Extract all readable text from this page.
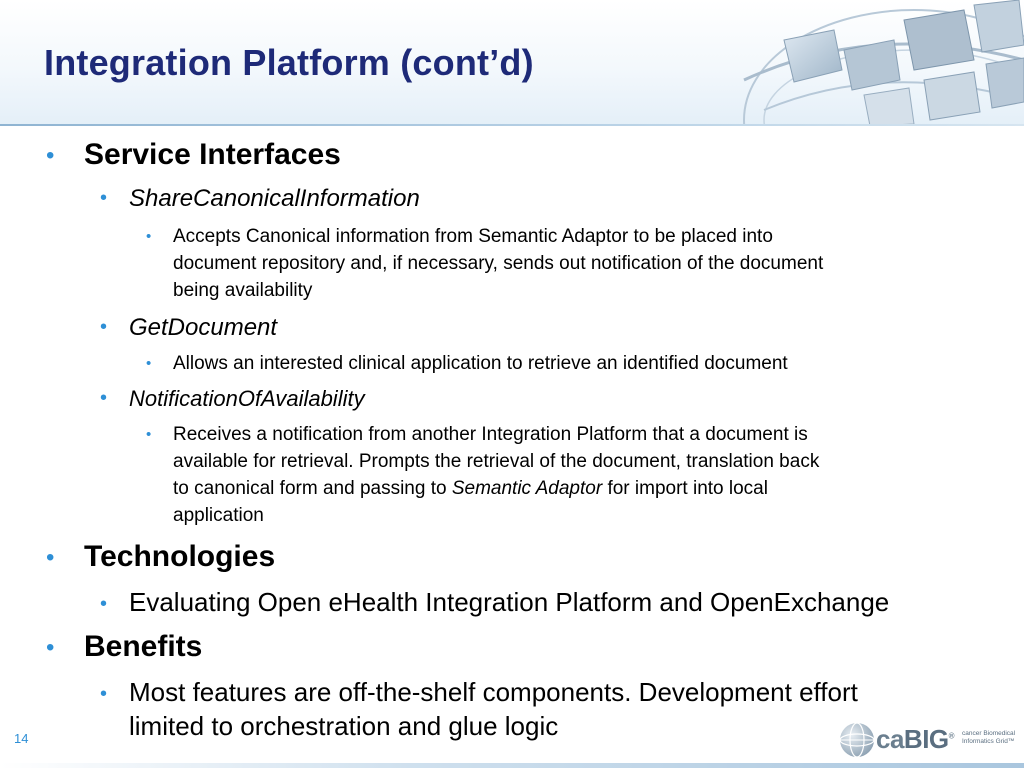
Integration Platform (cont’d)
• Service Interfaces
• ShareCanonicalInformation
• Accepts Canonical information from Semantic Adaptor to be placed into
document repository and, if necessary, sends out notification of the document
being availability
• GetDocument
• Allows an interested clinical application to retrieve an identified document
• NotificationOfAvailability
• Receives a notification from another Integration Platform that a document is
available for retrieval. Prompts the retrieval of the document, translation back
to canonical form and passing to Semantic Adaptor for import into local
application
• Technologies
• Evaluating Open eHealth Integration Platform and OpenExchange
• Benefits
• Most features are off-the-shelf components. Development effort
limited to orchestration and glue logic
14	caBIG® cancer Biomedical Informatics Grid™
